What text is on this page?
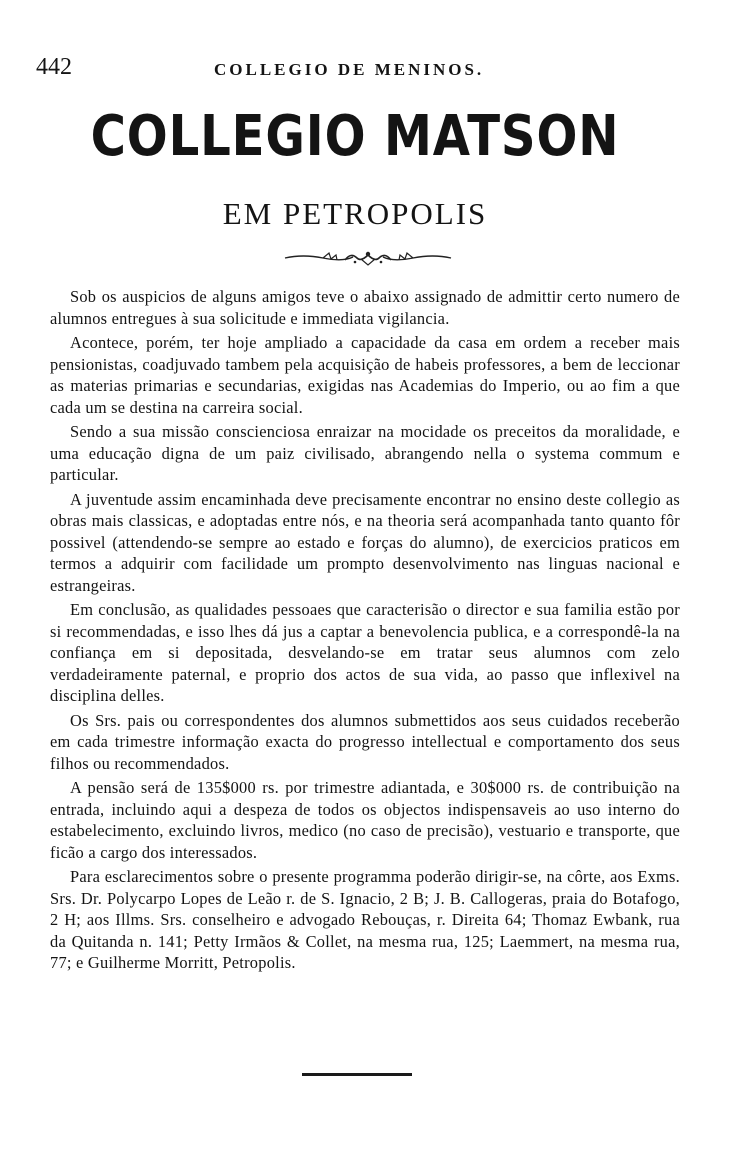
442	COLLEGIO DE MENINOS.
COLLEGIO MATSON
EM PETROPOLIS

Sob os auspicios de alguns amigos teve o abaixo assignado de admittir certo numero de alumnos entregues à sua solicitude e immediata vigilancia.

Acontece, porém, ter hoje ampliado a capacidade da casa em ordem a receber mais pensionistas, coadjuvado tambem pela acquisição de habeis professores, a bem de leccionar as materias primarias e secundarias, exigidas nas Academias do Imperio, ou ao fim a que cada um se destina na carreira social.

Sendo a sua missão conscienciosa enraizar na mocidade os preceitos da moralidade, e uma educação digna de um paiz civilisado, abrangendo nella o systema commum e particular.

A juventude assim encaminhada deve precisamente encontrar no ensino deste collegio as obras mais classicas, e adoptadas entre nós, e na theoria será acompanhada tanto quanto fôr possivel (attendendo-se sempre ao estado e forças do alumno), de exercicios praticos em termos a adquirir com facilidade um prompto desenvolvimento nas linguas nacional e estrangeiras.

Em conclusão, as qualidades pessoaes que caracterisão o director e sua familia estão por si recommendadas, e isso lhes dá jus a captar a benevolencia publica, e a correspondê-la na confiança em si depositada, desvelando-se em tratar seus alumnos com zelo verdadeiramente paternal, e proprio dos actos de sua vida, ao passo que inflexivel na disciplina delles.

Os Srs. pais ou correspondentes dos alumnos submettidos aos seus cuidados receberão em cada trimestre informação exacta do progresso intellectual e comportamento dos seus filhos ou recommendados.

A pensão será de 135$000 rs. por trimestre adiantada, e 30$000 rs. de contribuição na entrada, incluindo aqui a despeza de todos os objectos indispensaveis ao uso interno do estabelecimento, excluindo livros, medico (no caso de precisão), vestuario e transporte, que ficão a cargo dos interessados.

Para esclarecimentos sobre o presente programma poderão dirigir-se, na côrte, aos Exms. Srs. Dr. Polycarpo Lopes de Leão r. de S. Ignacio, 2 B; J. B. Callogeras, praia do Botafogo, 2 H; aos Illms. Srs. conselheiro e advogado Rebouças, r. Direita 64; Thomaz Ewbank, rua da Quitanda n. 141; Petty Irmãos & Collet, na mesma rua, 125; Laemmert, na mesma rua, 77; e Guilherme Morritt, Petropolis.
